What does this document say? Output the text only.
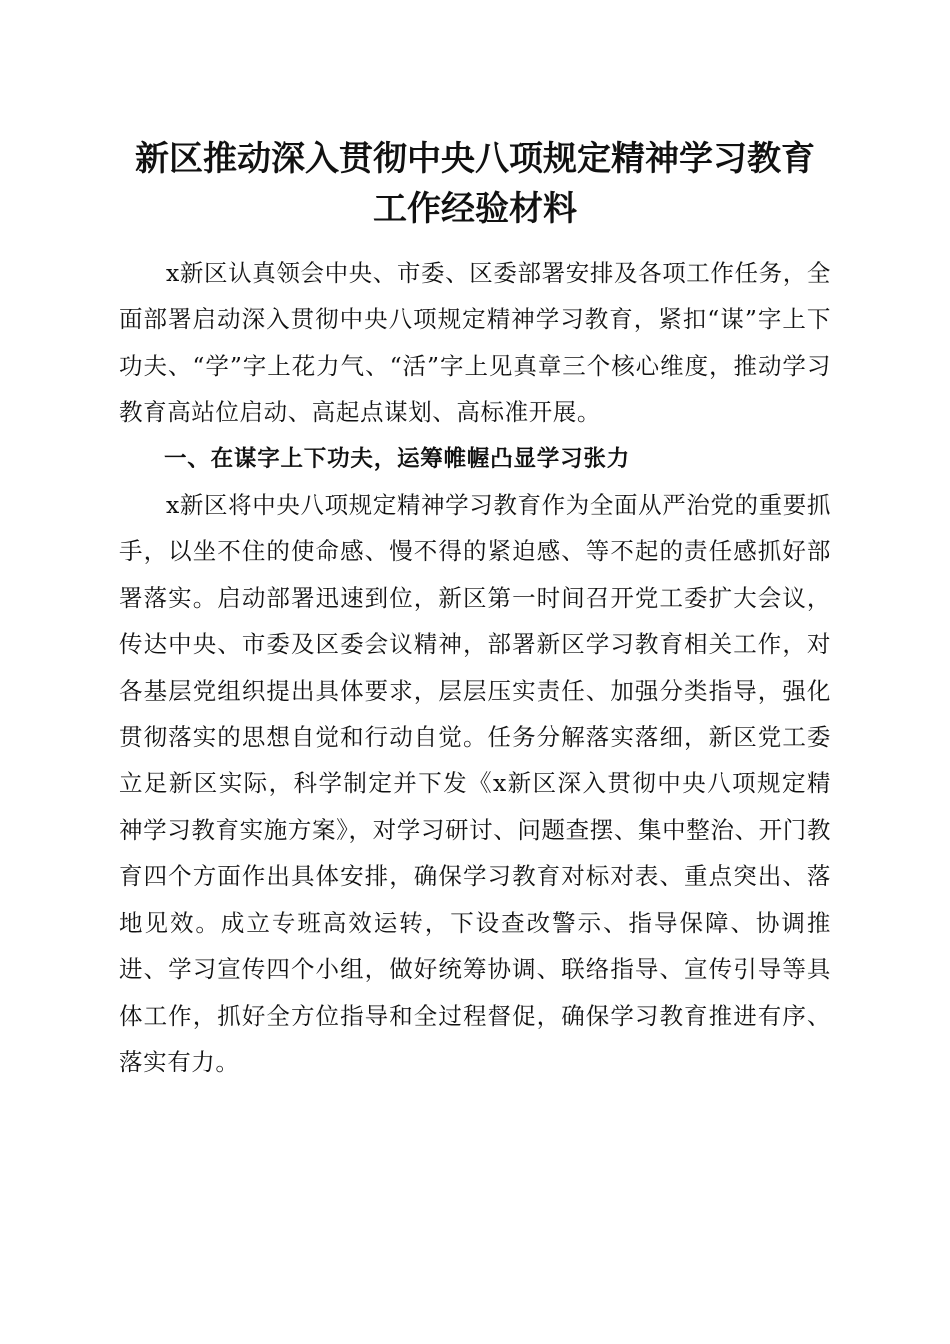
新区推动深入贯彻中央八项规定精神学习教育
工作经验材料

x新区认真领会中央、市委、区委部署安排及各项工作任务，全面部署启动深入贯彻中央八项规定精神学习教育，紧扣“谋”字上下功夫、“学”字上花力气、“活”字上见真章三个核心维度，推动学习教育高站位启动、高起点谋划、高标准开展。

一、在谋字上下功夫，运筹帷幄凸显学习张力

x新区将中央八项规定精神学习教育作为全面从严治党的重要抓手，以坐不住的使命感、慢不得的紧迫感、等不起的责任感抓好部署落实。启动部署迅速到位，新区第一时间召开党工委扩大会议，传达中央、市委及区委会议精神，部署新区学习教育相关工作，对各基层党组织提出具体要求，层层压实责任、加强分类指导，强化贯彻落实的思想自觉和行动自觉。任务分解落实落细，新区党工委立足新区实际，科学制定并下发《x新区深入贯彻中央八项规定精神学习教育实施方案》，对学习研讨、问题查摆、集中整治、开门教育四个方面作出具体安排，确保学习教育对标对表、重点突出、落地见效。成立专班高效运转，下设查改警示、指导保障、协调推进、学习宣传四个小组，做好统筹协调、联络指导、宣传引导等具体工作，抓好全方位指导和全过程督促，确保学习教育推进有序、落实有力。
